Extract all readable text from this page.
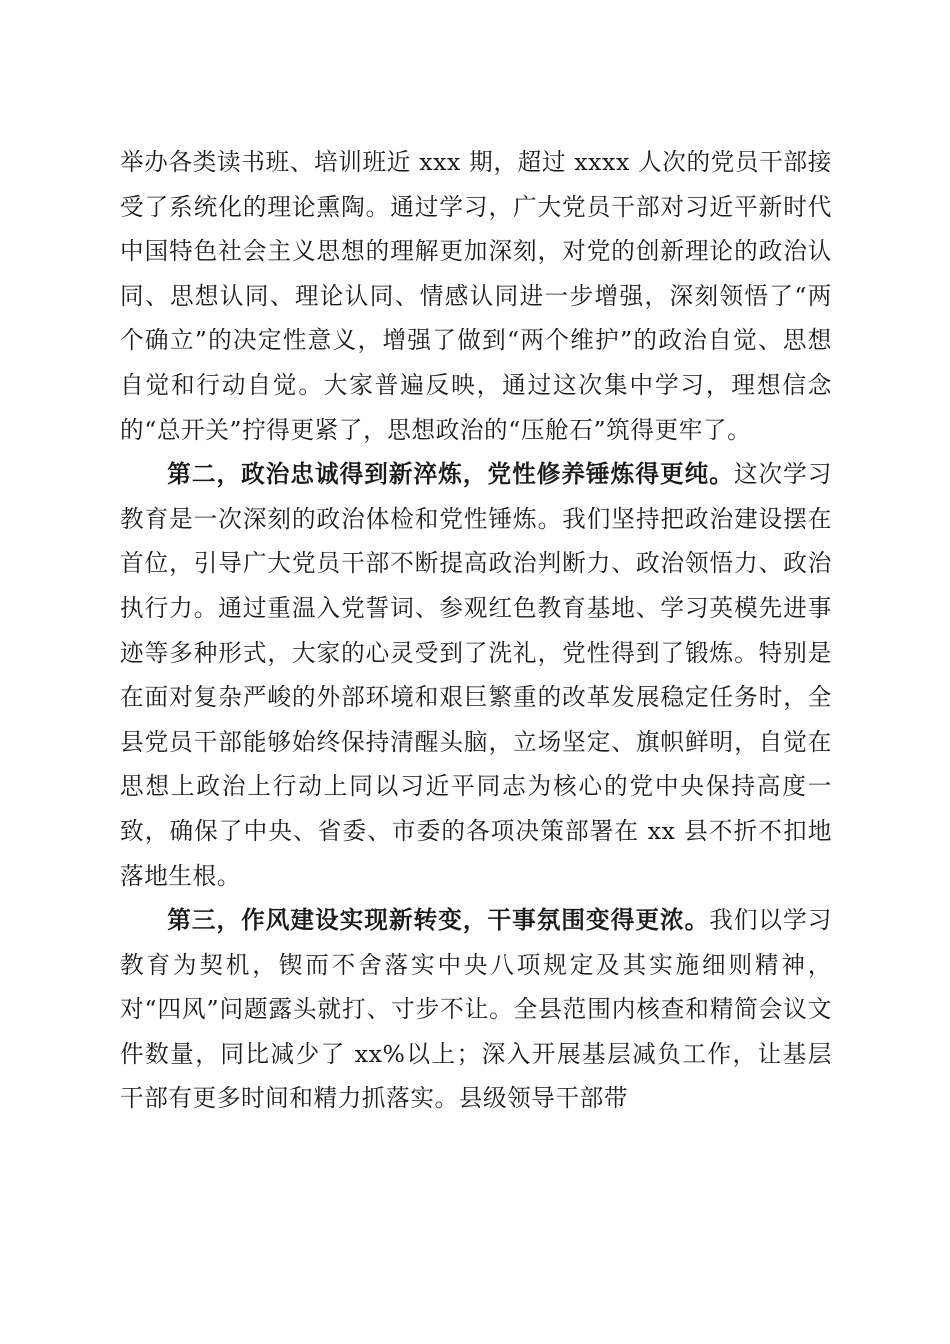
举办各类读书班、培训班近 xxx 期，超过 xxxx 人次的党员干部接受了系统化的理论熏陶。通过学习，广大党员干部对习近平新时代中国特色社会主义思想的理解更加深刻，对党的创新理论的政治认同、思想认同、理论认同、情感认同进一步增强，深刻领悟了“两个确立”的决定性意义，增强了做到“两个维护”的政治自觉、思想自觉和行动自觉。大家普遍反映，通过这次集中学习，理想信念的“总开关”拧得更紧了，思想政治的“压舱石”筑得更牢了。

第二，政治忠诚得到新淬炼，党性修养锤炼得更纯。这次学习教育是一次深刻的政治体检和党性锤炼。我们坚持把政治建设摆在首位，引导广大党员干部不断提高政治判断力、政治领悟力、政治执行力。通过重温入党誓词、参观红色教育基地、学习英模先进事迹等多种形式，大家的心灵受到了洗礼，党性得到了锻炼。特别是在面对复杂严峻的外部环境和艰巨繁重的改革发展稳定任务时，全县党员干部能够始终保持清醒头脑，立场坚定、旗帜鲜明，自觉在思想上政治上行动上同以习近平同志为核心的党中央保持高度一致，确保了中央、省委、市委的各项决策部署在 xx 县不折不扣地落地生根。

第三，作风建设实现新转变，干事氛围变得更浓。我们以学习教育为契机，锲而不舍落实中央八项规定及其实施细则精神，对“四风”问题露头就打、寸步不让。全县范围内核查和精简会议文件数量，同比减少了 xx%以上；深入开展基层减负工作，让基层干部有更多时间和精力抓落实。县级领导干部带
